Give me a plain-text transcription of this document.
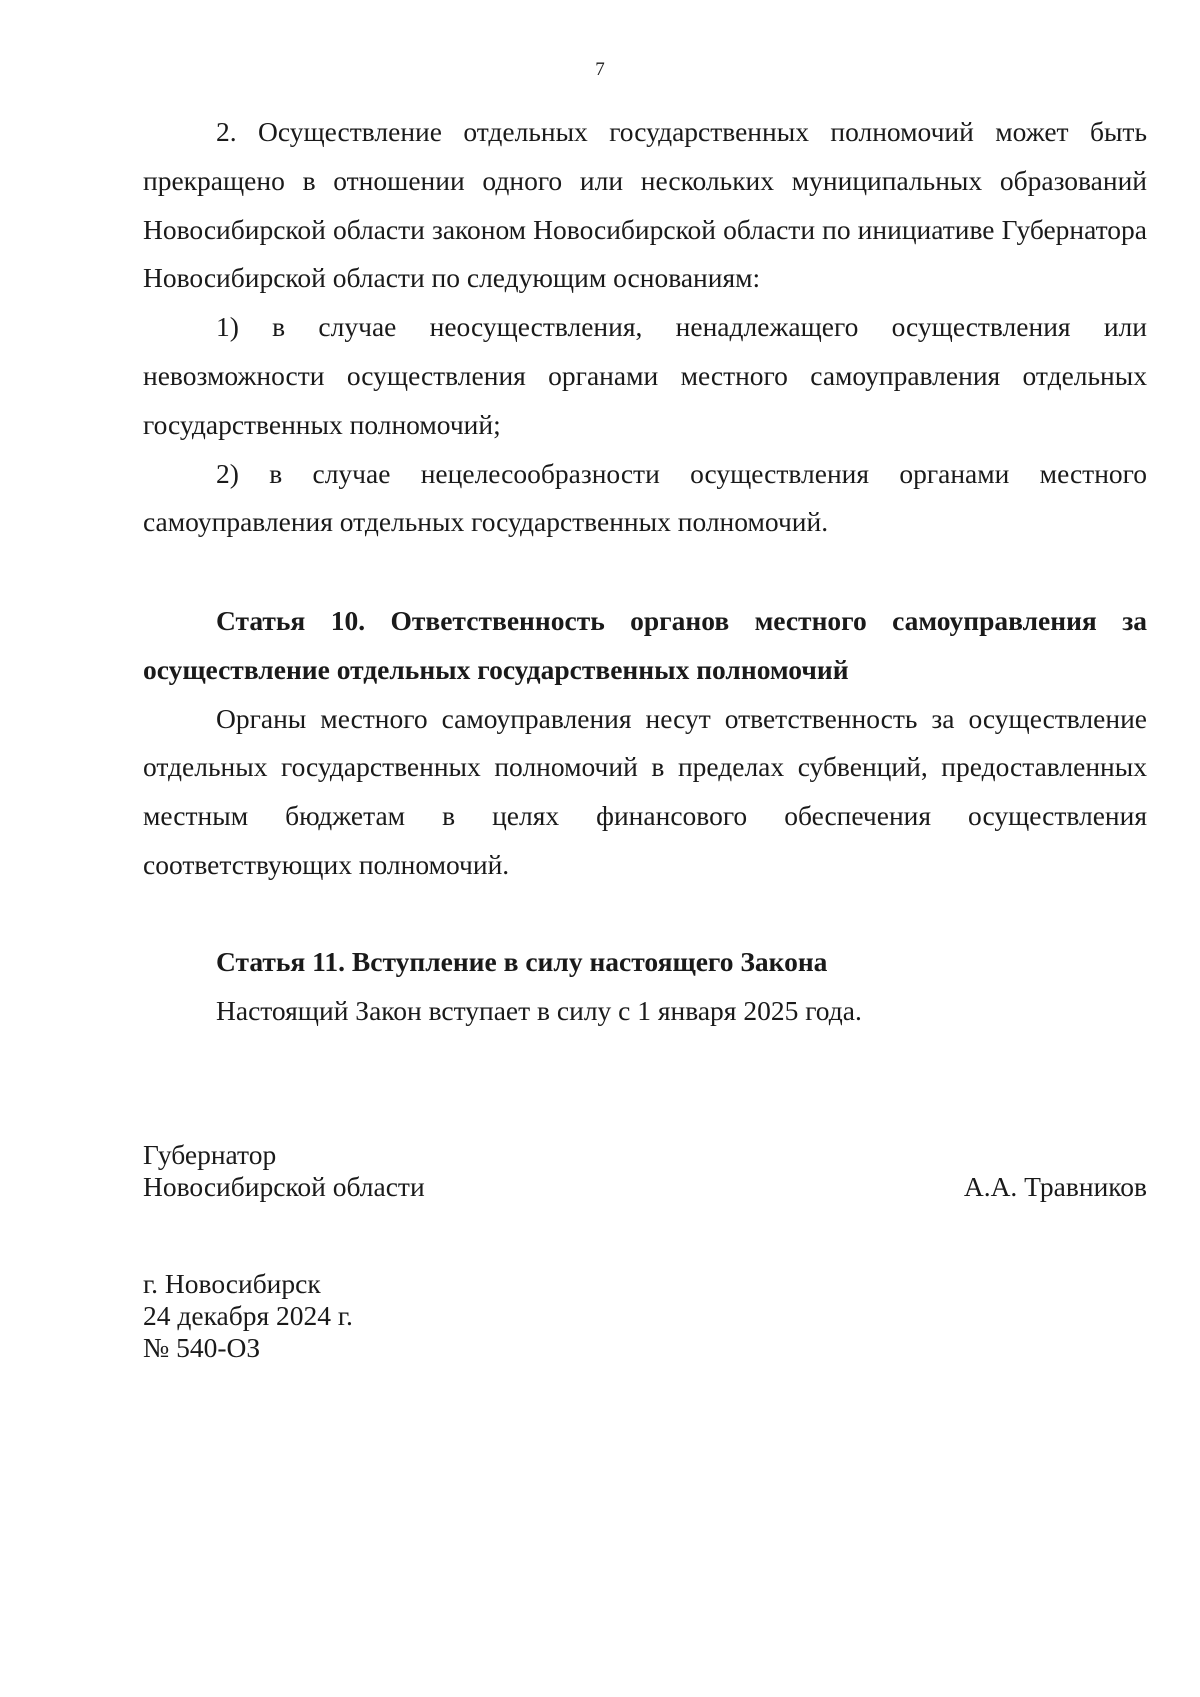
7

2. Осуществление отдельных государственных полномочий может быть прекращено в отношении одного или нескольких муниципальных образований Новосибирской области законом Новосибирской области по инициативе Губернатора Новосибирской области по следующим основаниям:

1) в случае неосуществления, ненадлежащего осуществления или невозможности осуществления органами местного самоуправления отдельных государственных полномочий;

2) в случае нецелесообразности осуществления органами местного самоуправления отдельных государственных полномочий.

Статья 10. Ответственность органов местного самоуправления за осуществление отдельных государственных полномочий

Органы местного самоуправления несут ответственность за осуществление отдельных государственных полномочий в пределах субвенций, предоставленных местным бюджетам в целях финансового обеспечения осуществления соответствующих полномочий.

Статья 11. Вступление в силу настоящего Закона

Настоящий Закон вступает в силу с 1 января 2025 года.

Губернатор
Новосибирской области	А.А. Травников
г. Новосибирск
24 декабря 2024 г.
№ 540-ОЗ
